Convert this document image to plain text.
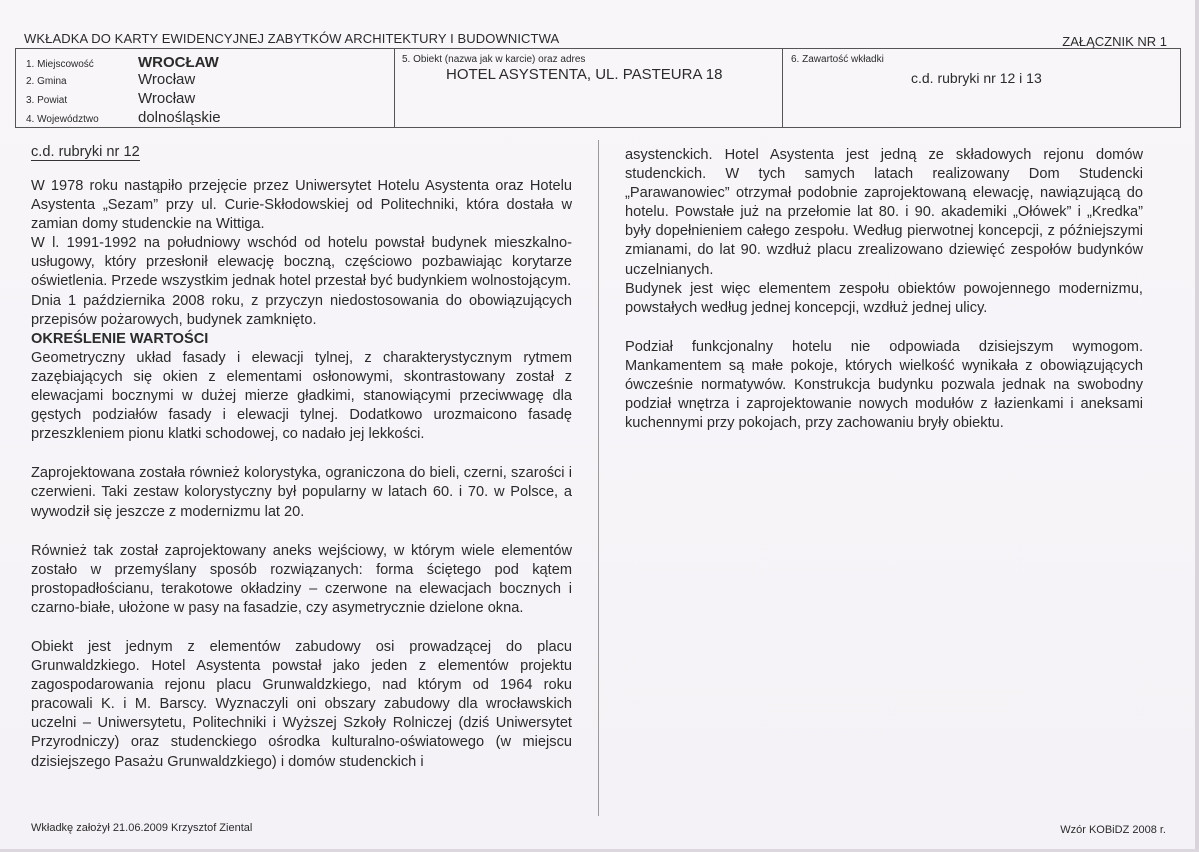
WKŁADKA DO KARTY EWIDENCYJNEJ ZABYTKÓW ARCHITEKTURY I BUDOWNICTWA	ZAŁĄCZNIK NR 1
1. Miejscowość	WROCŁAW
2. Gmina	Wrocław
3. Powiat	Wrocław
4. Województwo	dolnośląskie
5. Obiekt (nazwa jak w karcie) oraz adres
HOTEL ASYSTENTA, UL. PASTEURA 18
6. Zawartość wkładki
c.d. rubryki nr 12 i 13
c.d. rubryki nr 12

W 1978 roku nastąpiło przejęcie przez Uniwersytet Hotelu Asystenta oraz Hotelu Asystenta „Sezam” przy ul. Curie-Skłodowskiej od Politechniki, która dostała w zamian domy studenckie na Wittiga.

W l. 1991-1992 na południowy wschód od hotelu powstał budynek mieszkalno-usługowy, który przesłonił elewację boczną, częściowo pozbawiając korytarze oświetlenia. Przede wszystkim jednak hotel przestał być budynkiem wolnostojącym.

Dnia 1 października 2008 roku, z przyczyn niedostosowania do obowiązujących przepisów pożarowych, budynek zamknięto.

OKREŚLENIE WARTOŚCI

Geometryczny układ fasady i elewacji tylnej, z charakterystycznym rytmem zazębiających się okien z elementami osłonowymi, skontrastowany został z elewacjami bocznymi w dużej mierze gładkimi, stanowiącymi przeciwwagę dla gęstych podziałów fasady i elewacji tylnej. Dodatkowo urozmaicono fasadę przeszkleniem pionu klatki schodowej, co nadało jej lekkości.

Zaprojektowana została również kolorystyka, ograniczona do bieli, czerni, szarości i czerwieni. Taki zestaw kolorystyczny był popularny w latach 60. i 70. w Polsce, a wywodził się jeszcze z modernizmu lat 20.

Również tak został zaprojektowany aneks wejściowy, w którym wiele elementów zostało w przemyślany sposób rozwiązanych: forma ściętego pod kątem prostopadłościanu, terakotowe okładziny – czerwone na elewacjach bocznych i czarno-białe, ułożone w pasy na fasadzie, czy asymetrycznie dzielone okna.

Obiekt jest jednym z elementów zabudowy osi prowadzącej do placu Grunwaldzkiego. Hotel Asystenta powstał jako jeden z elementów projektu zagospodarowania rejonu placu Grunwaldzkiego, nad którym od 1964 roku pracowali K. i M. Barscy. Wyznaczyli oni obszary zabudowy dla wrocławskich uczelni – Uniwersytetu, Politechniki i Wyższej Szkoły Rolniczej (dziś Uniwersytet Przyrodniczy) oraz studenckiego ośrodka kulturalno-oświatowego (w miejscu dzisiejszego Pasażu Grunwaldzkiego) i domów studenckich i

asystenckich. Hotel Asystenta jest jedną ze składowych rejonu domów studenckich. W tych samych latach realizowany Dom Studencki „Parawanowiec” otrzymał podobnie zaprojektowaną elewację, nawiązującą do hotelu. Powstałe już na przełomie lat 80. i 90. akademiki „Ołówek” i „Kredka” były dopełnieniem całego zespołu. Według pierwotnej koncepcji, z późniejszymi zmianami, do lat 90. wzdłuż placu zrealizowano dziewięć zespołów budynków uczelnianych.

Budynek jest więc elementem zespołu obiektów powojennego modernizmu, powstałych według jednej koncepcji, wzdłuż jednej ulicy.

Podział funkcjonalny hotelu nie odpowiada dzisiejszym wymogom. Mankamentem są małe pokoje, których wielkość wynikała z obowiązujących ówcześnie normatywów. Konstrukcja budynku pozwala jednak na swobodny podział wnętrza i zaprojektowanie nowych modułów z łazienkami i aneksami kuchennymi przy pokojach, przy zachowaniu bryły obiektu.

Wkładkę założył 21.06.2009 Krzysztof Ziental	Wzór KOBiDZ 2008 r.
